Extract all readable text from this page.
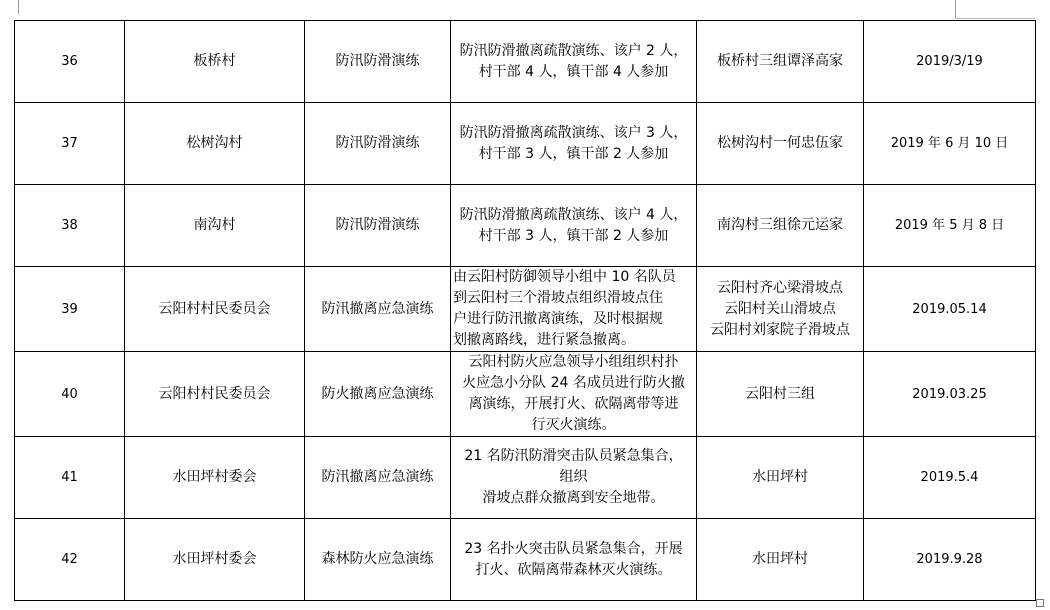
36	板桥村	防汛防滑演练	防汛防滑撤离疏散演练、该户 2 人，
村干部 4 人，镇干部 4 人参加	板桥村三组谭泽高家	2019/3/19
37	松树沟村	防汛防滑演练	防汛防滑撤离疏散演练、该户 3 人，
村干部 3 人，镇干部 2 人参加	松树沟村一何忠伍家	2019 年 6 月 10 日
38	南沟村	防汛防滑演练	防汛防滑撤离疏散演练、该户 4 人，
村干部 3 人，镇干部 2 人参加	南沟村三组徐元运家	2019 年 5 月 8 日
39	云阳村村民委员会	防汛撤离应急演练	由云阳村防御领导小组中 10 名队员
到云阳村三个滑坡点组织滑坡点住
户进行防汛撤离演练，及时根据规
划撤离路线，进行紧急撤离。	云阳村齐心梁滑坡点
云阳村关山滑坡点
云阳村刘家院子滑坡点	2019.05.14
40	云阳村村民委员会	防火撤离应急演练	云阳村防火应急领导小组组织村扑
火应急小分队 24 名成员进行防火撤
离演练，开展打火、砍隔离带等进
行灭火演练。	云阳村三组	2019.03.25
41	水田坪村委会	防汛撤离应急演练	21 名防汛防滑突击队员紧急集合，
组织
滑坡点群众撤离到安全地带。	水田坪村	2019.5.4
42	水田坪村委会	森林防火应急演练	23 名扑火突击队员紧急集合，开展
打火、砍隔离带森林灭火演练。	水田坪村	2019.9.28
